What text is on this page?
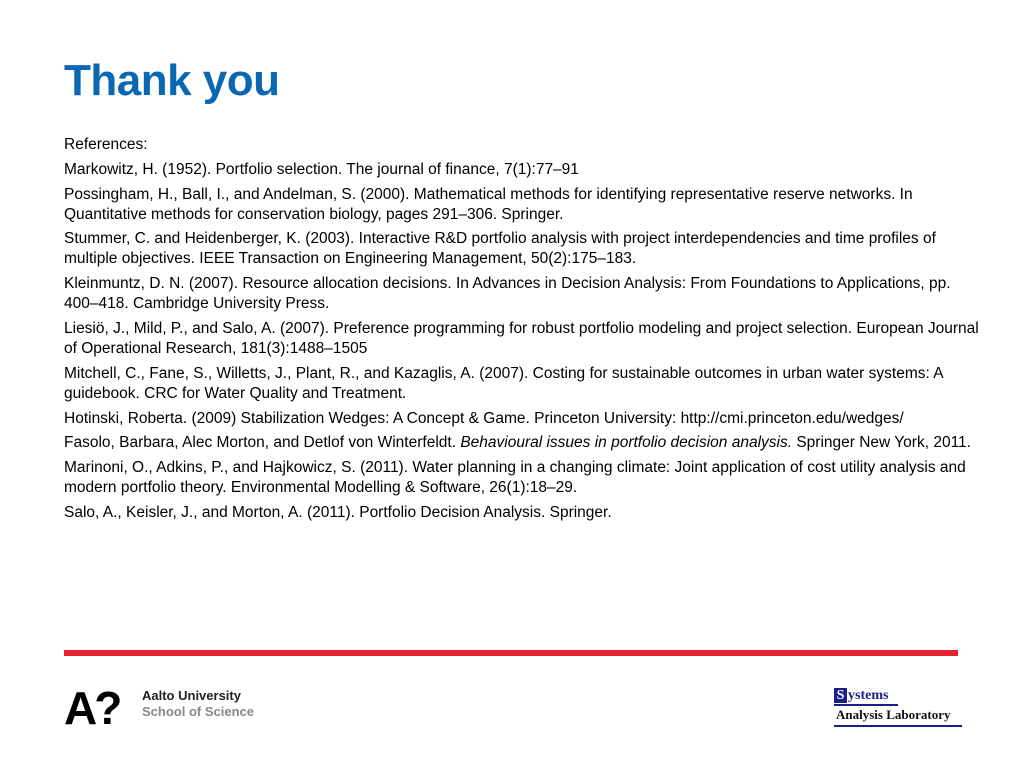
Thank you

References:

Markowitz, H. (1952). Portfolio selection. The journal of finance, 7(1):77–91

Possingham, H., Ball, I., and Andelman, S. (2000). Mathematical methods for identifying representative reserve networks. In Quantitative methods for conservation biology, pages 291–306. Springer.

Stummer, C. and Heidenberger, K. (2003). Interactive R&D portfolio analysis with project interdependencies and time profiles of multiple objectives. IEEE Transaction on Engineering Management, 50(2):175–183.

Kleinmuntz, D. N. (2007). Resource allocation decisions. In Advances in Decision Analysis: From Foundations to Applications, pp. 400–418. Cambridge University Press.

Liesiö, J., Mild, P., and Salo, A. (2007). Preference programming for robust portfolio modeling and project selection. European Journal of Operational Research, 181(3):1488–1505

Mitchell, C., Fane, S., Willetts, J., Plant, R., and Kazaglis, A. (2007). Costing for sustainable outcomes in urban water systems: A guidebook. CRC for Water Quality and Treatment.

Hotinski, Roberta. (2009) Stabilization Wedges: A Concept & Game. Princeton University: http://cmi.princeton.edu/wedges/

Fasolo, Barbara, Alec Morton, and Detlof von Winterfeldt. Behavioural issues in portfolio decision analysis. Springer New York, 2011.

Marinoni, O., Adkins, P., and Hajkowicz, S. (2011). Water planning in a changing climate: Joint application of cost utility analysis and modern portfolio theory. Environmental Modelling & Software, 26(1):18–29.

Salo, A., Keisler, J., and Morton, A. (2011). Portfolio Decision Analysis. Springer.

A? Aalto University
School of Science
S ystems
Analysis Laboratory
